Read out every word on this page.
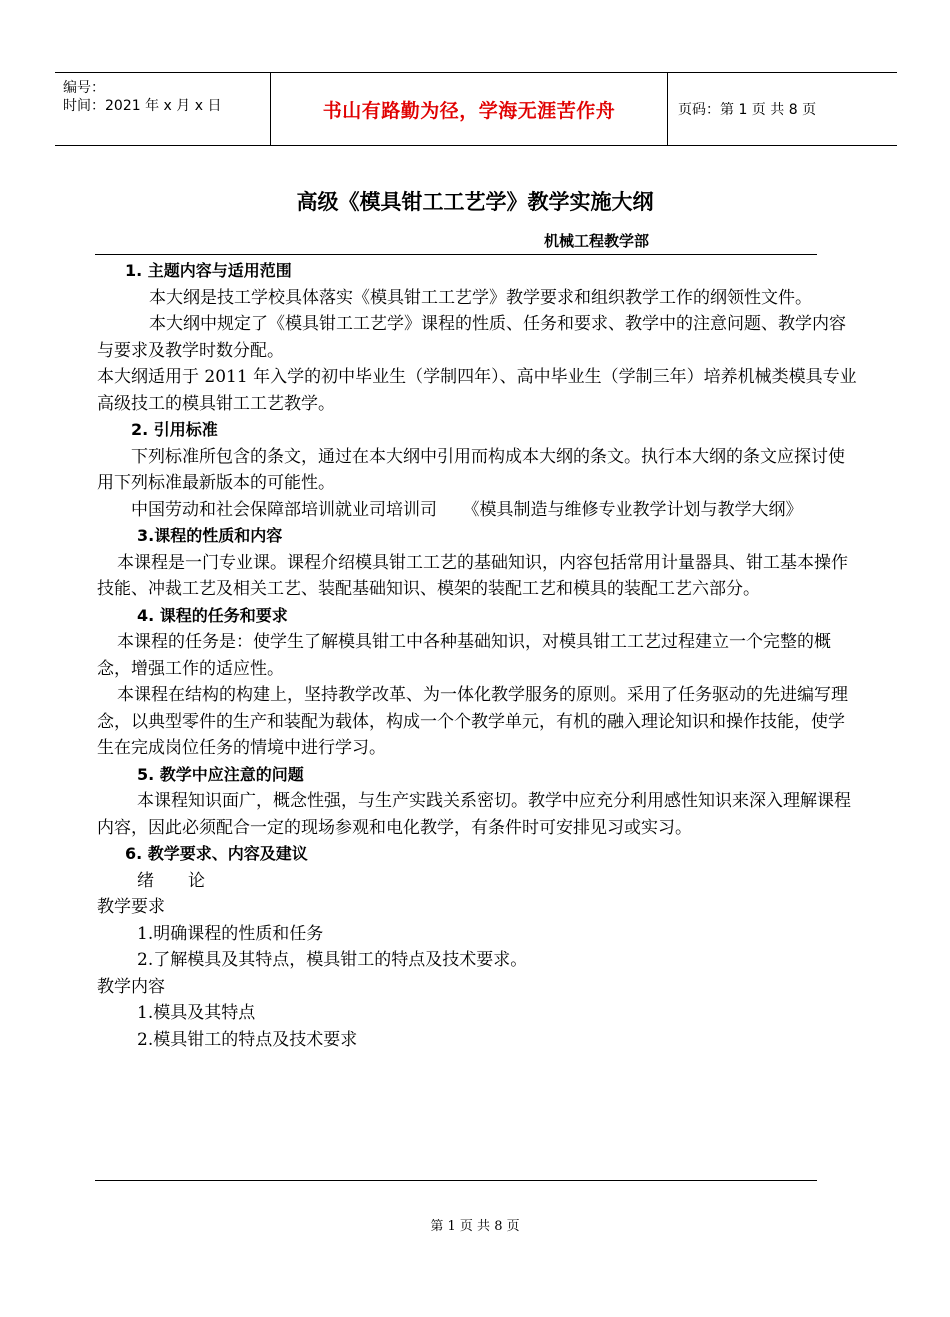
编号：
时间：2021 年 x 月 x 日	书山有路勤为径，学海无涯苦作舟	页码：第 1 页 共 8 页
高级《模具钳工工艺学》教学实施大纲
机械工程教学部

1. 主题内容与适用范围

本大纲是技工学校具体落实《模具钳工工艺学》教学要求和组织教学工作的纲领性文件。

本大纲中规定了《模具钳工工艺学》课程的性质、任务和要求、教学中的注意问题、教学内容与要求及教学时数分配。

本大纲适用于 2011 年入学的初中毕业生（学制四年）、高中毕业生（学制三年）培养机械类模具专业高级技工的模具钳工工艺教学。

2. 引用标准

下列标准所包含的条文，通过在本大纲中引用而构成本大纲的条文。执行本大纲的条文应探讨使用下列标准最新版本的可能性。

中国劳动和社会保障部培训就业司培训司　　《模具制造与维修专业教学计划与教学大纲》

3.课程的性质和内容

本课程是一门专业课。课程介绍模具钳工工艺的基础知识，内容包括常用计量器具、钳工基本操作技能、冲裁工艺及相关工艺、装配基础知识、模架的装配工艺和模具的装配工艺六部分。

4. 课程的任务和要求

本课程的任务是：使学生了解模具钳工中各种基础知识，对模具钳工工艺过程建立一个完整的概念，增强工作的适应性。

本课程在结构的构建上，坚持教学改革、为一体化教学服务的原则。采用了任务驱动的先进编写理念，以典型零件的生产和装配为载体，构成一个个教学单元，有机的融入理论知识和操作技能，使学生在完成岗位任务的情境中进行学习。

5. 教学中应注意的问题

本课程知识面广，概念性强，与生产实践关系密切。教学中应充分利用感性知识来深入理解课程内容，因此必须配合一定的现场参观和电化教学，有条件时可安排见习或实习。

6. 教学要求、内容及建议

绪　　论

教学要求

1.明确课程的性质和任务

2.了解模具及其特点，模具钳工的特点及技术要求。

教学内容

1.模具及其特点

2.模具钳工的特点及技术要求

第 1 页 共 8 页
